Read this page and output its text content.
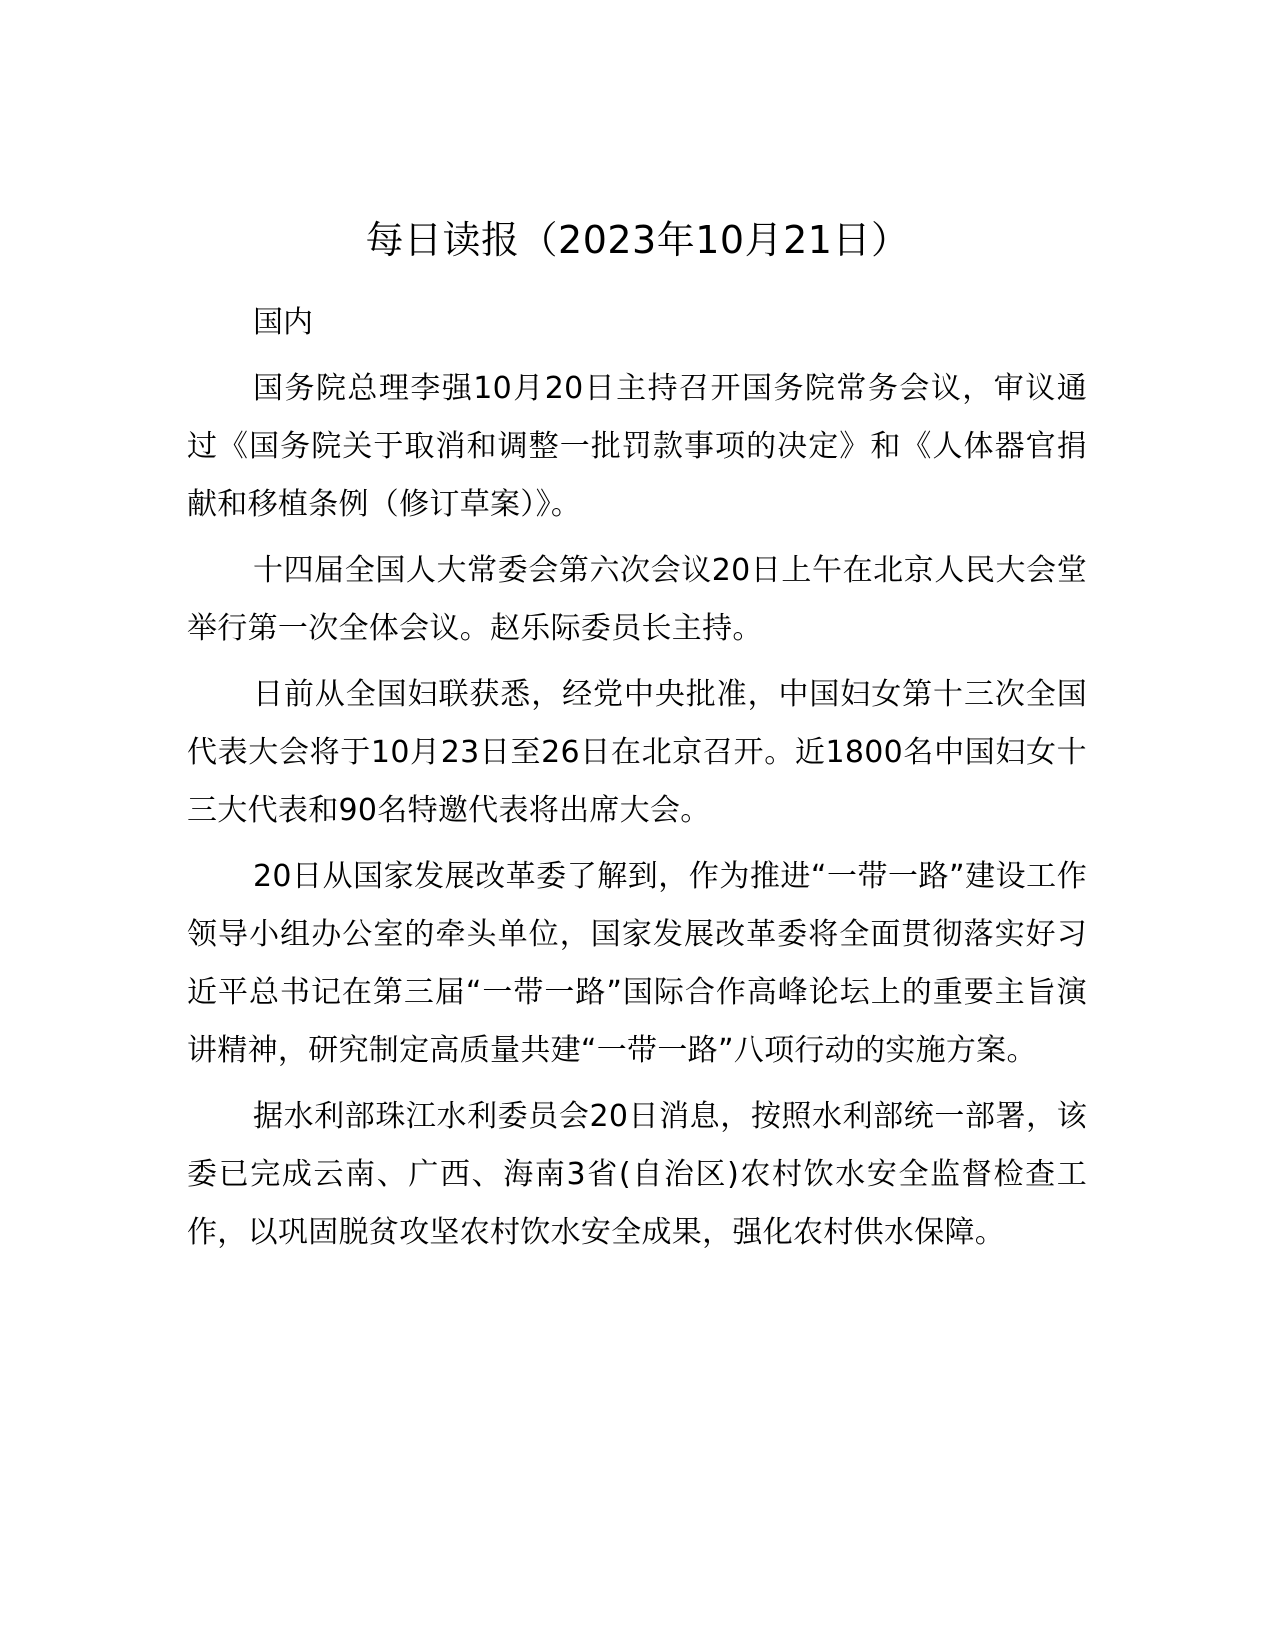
每日读报（2023年10月21日）

国内

国务院总理李强10月20日主持召开国务院常务会议，审议通过《国务院关于取消和调整一批罚款事项的决定》和《人体器官捐献和移植条例（修订草案）》。

十四届全国人大常委会第六次会议20日上午在北京人民大会堂举行第一次全体会议。赵乐际委员长主持。

日前从全国妇联获悉，经党中央批准，中国妇女第十三次全国代表大会将于10月23日至26日在北京召开。近1800名中国妇女十三大代表和90名特邀代表将出席大会。

20日从国家发展改革委了解到，作为推进“一带一路”建设工作领导小组办公室的牵头单位，国家发展改革委将全面贯彻落实好习近平总书记在第三届“一带一路”国际合作高峰论坛上的重要主旨演讲精神，研究制定高质量共建“一带一路”八项行动的实施方案。

据水利部珠江水利委员会20日消息，按照水利部统一部署，该委已完成云南、广西、海南3省(自治区)农村饮水安全监督检查工作，以巩固脱贫攻坚农村饮水安全成果，强化农村供水保障。
